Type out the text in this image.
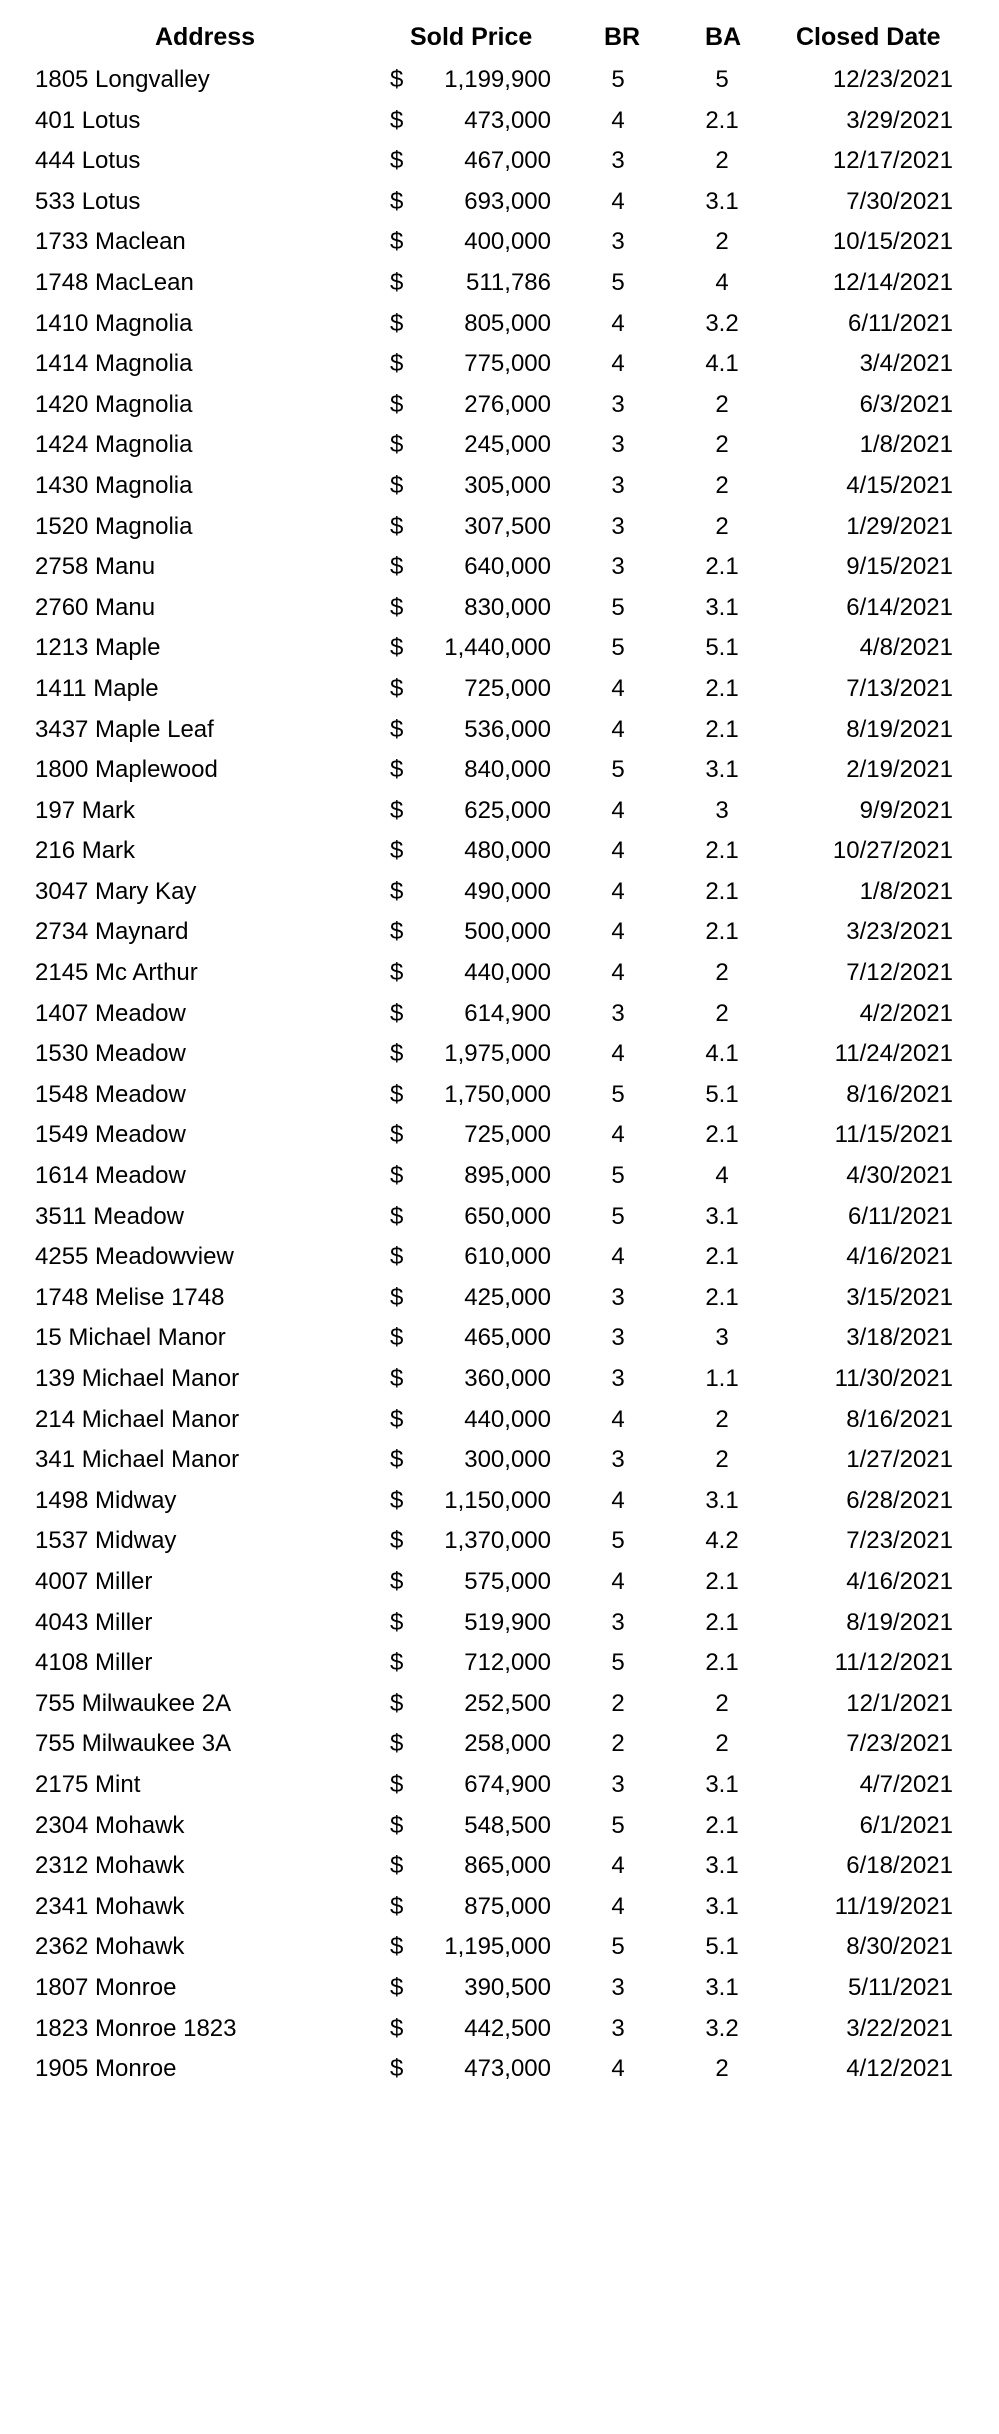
Address	Sold Price	BR	BA Closed Date
1805 Longvalley	$ 1,199,900	5	5	12/23/2021
401 Lotus	$	473,000	4	2.1	3/29/2021
444 Lotus	$	467,000	3	2	12/17/2021
533 Lotus	$	693,000	4	3.1	7/30/2021
1733 Maclean	$	400,000	3	2	10/15/2021
1748 MacLean	$	511,786	5	4	12/14/2021
1410 Magnolia	$	805,000	4	3.2	6/11/2021
1414 Magnolia	$	775,000	4	4.1	3/4/2021
1420 Magnolia	$	276,000	3	2	6/3/2021
1424 Magnolia	$	245,000	3	2	1/8/2021
1430 Magnolia	$	305,000	3	2	4/15/2021
1520 Magnolia	$	307,500	3	2	1/29/2021
2758 Manu	$	640,000	3	2.1	9/15/2021
2760 Manu	$	830,000	5	3.1	6/14/2021
1213 Maple	$ 1,440,000	5	5.1	4/8/2021
1411 Maple	$	725,000	4	2.1	7/13/2021
3437 Maple Leaf	$	536,000	4	2.1	8/19/2021
1800 Maplewood	$	840,000	5	3.1	2/19/2021
197 Mark	$	625,000	4	3	9/9/2021
216 Mark	$	480,000	4	2.1	10/27/2021
3047 Mary Kay	$	490,000	4	2.1	1/8/2021
2734 Maynard	$	500,000	4	2.1	3/23/2021
2145 Mc Arthur	$	440,000	4	2	7/12/2021
1407 Meadow	$	614,900	3	2	4/2/2021
1530 Meadow	$ 1,975,000	4	4.1	11/24/2021
1548 Meadow	$ 1,750,000	5	5.1	8/16/2021
1549 Meadow	$	725,000	4	2.1	11/15/2021
1614 Meadow	$	895,000	5	4	4/30/2021
3511 Meadow	$	650,000	5	3.1	6/11/2021
4255 Meadowview	$	610,000	4	2.1	4/16/2021
1748 Melise 1748	$	425,000	3	2.1	3/15/2021
15 Michael Manor	$	465,000	3	3	3/18/2021
139 Michael Manor	$	360,000	3	1.1	11/30/2021
214 Michael Manor	$	440,000	4	2	8/16/2021
341 Michael Manor	$	300,000	3	2	1/27/2021
1498 Midway	$ 1,150,000	4	3.1	6/28/2021
1537 Midway	$ 1,370,000	5	4.2	7/23/2021
4007 Miller	$	575,000	4	2.1	4/16/2021
4043 Miller	$	519,900	3	2.1	8/19/2021
4108 Miller	$	712,000	5	2.1	11/12/2021
755 Milwaukee 2A	$	252,500	2	2	12/1/2021
755 Milwaukee 3A	$	258,000	2	2	7/23/2021
2175 Mint	$	674,900	3	3.1	4/7/2021
2304 Mohawk	$	548,500	5	2.1	6/1/2021
2312 Mohawk	$	865,000	4	3.1	6/18/2021
2341 Mohawk	$	875,000	4	3.1	11/19/2021
2362 Mohawk	$ 1,195,000	5	5.1	8/30/2021
1807 Monroe	$	390,500	3	3.1	5/11/2021
1823 Monroe 1823	$	442,500	3	3.2	3/22/2021
1905 Monroe	$	473,000	4	2	4/12/2021
